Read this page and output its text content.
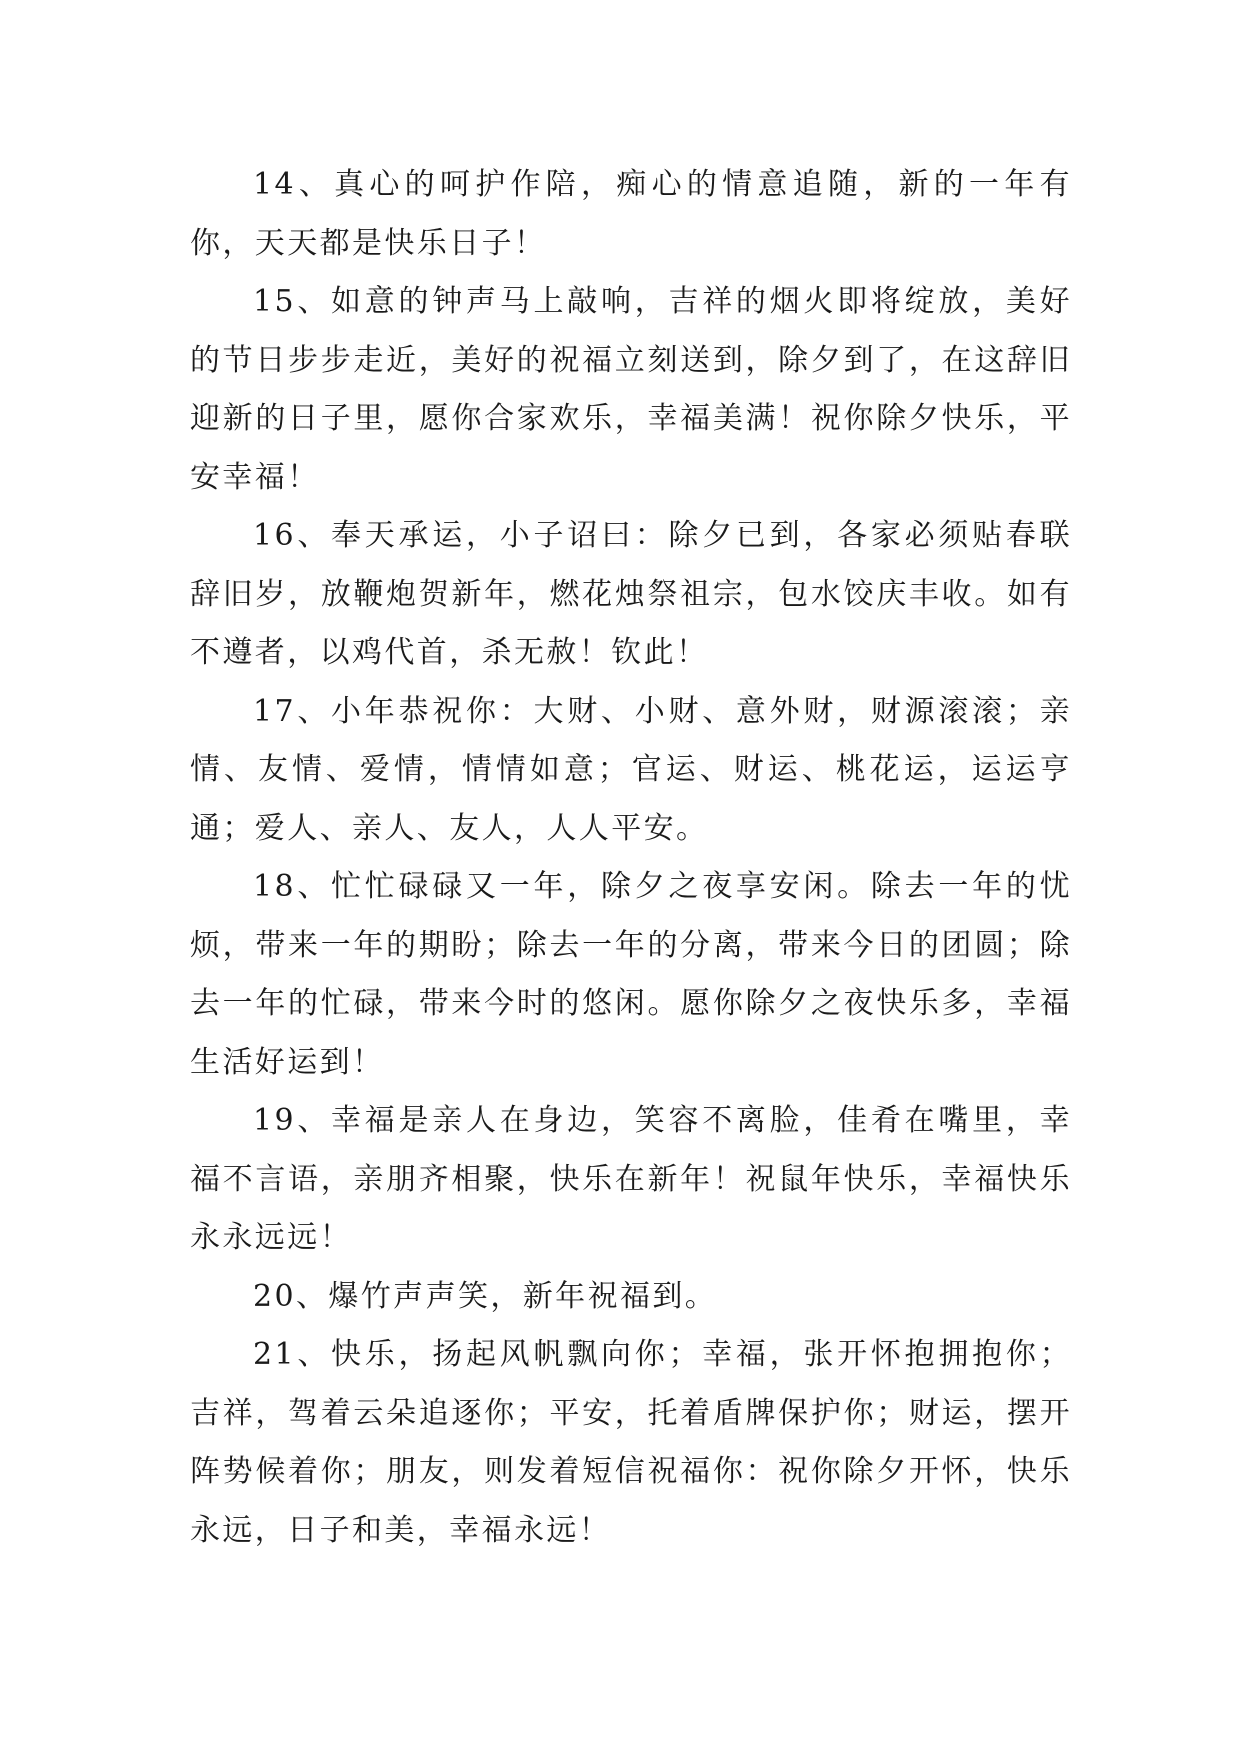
14、真心的呵护作陪，痴心的情意追随，新的一年有你，天天都是快乐日子！

15、如意的钟声马上敲响，吉祥的烟火即将绽放，美好的节日步步走近，美好的祝福立刻送到，除夕到了，在这辞旧迎新的日子里，愿你合家欢乐，幸福美满！祝你除夕快乐，平安幸福！

16、奉天承运，小子诏曰：除夕已到，各家必须贴春联辞旧岁，放鞭炮贺新年，燃花烛祭祖宗，包水饺庆丰收。如有不遵者，以鸡代首，杀无赦！钦此！

17、小年恭祝你：大财、小财、意外财，财源滚滚；亲情、友情、爱情，情情如意；官运、财运、桃花运，运运亨通；爱人、亲人、友人，人人平安。

18、忙忙碌碌又一年，除夕之夜享安闲。除去一年的忧烦，带来一年的期盼；除去一年的分离，带来今日的团圆；除去一年的忙碌，带来今时的悠闲。愿你除夕之夜快乐多，幸福生活好运到！

19、幸福是亲人在身边，笑容不离脸，佳肴在嘴里，幸福不言语，亲朋齐相聚，快乐在新年！祝鼠年快乐，幸福快乐永永远远！

20、爆竹声声笑，新年祝福到。

21、快乐，扬起风帆飘向你；幸福，张开怀抱拥抱你；吉祥，驾着云朵追逐你；平安，托着盾牌保护你；财运，摆开阵势候着你；朋友，则发着短信祝福你：祝你除夕开怀，快乐永远，日子和美，幸福永远！
